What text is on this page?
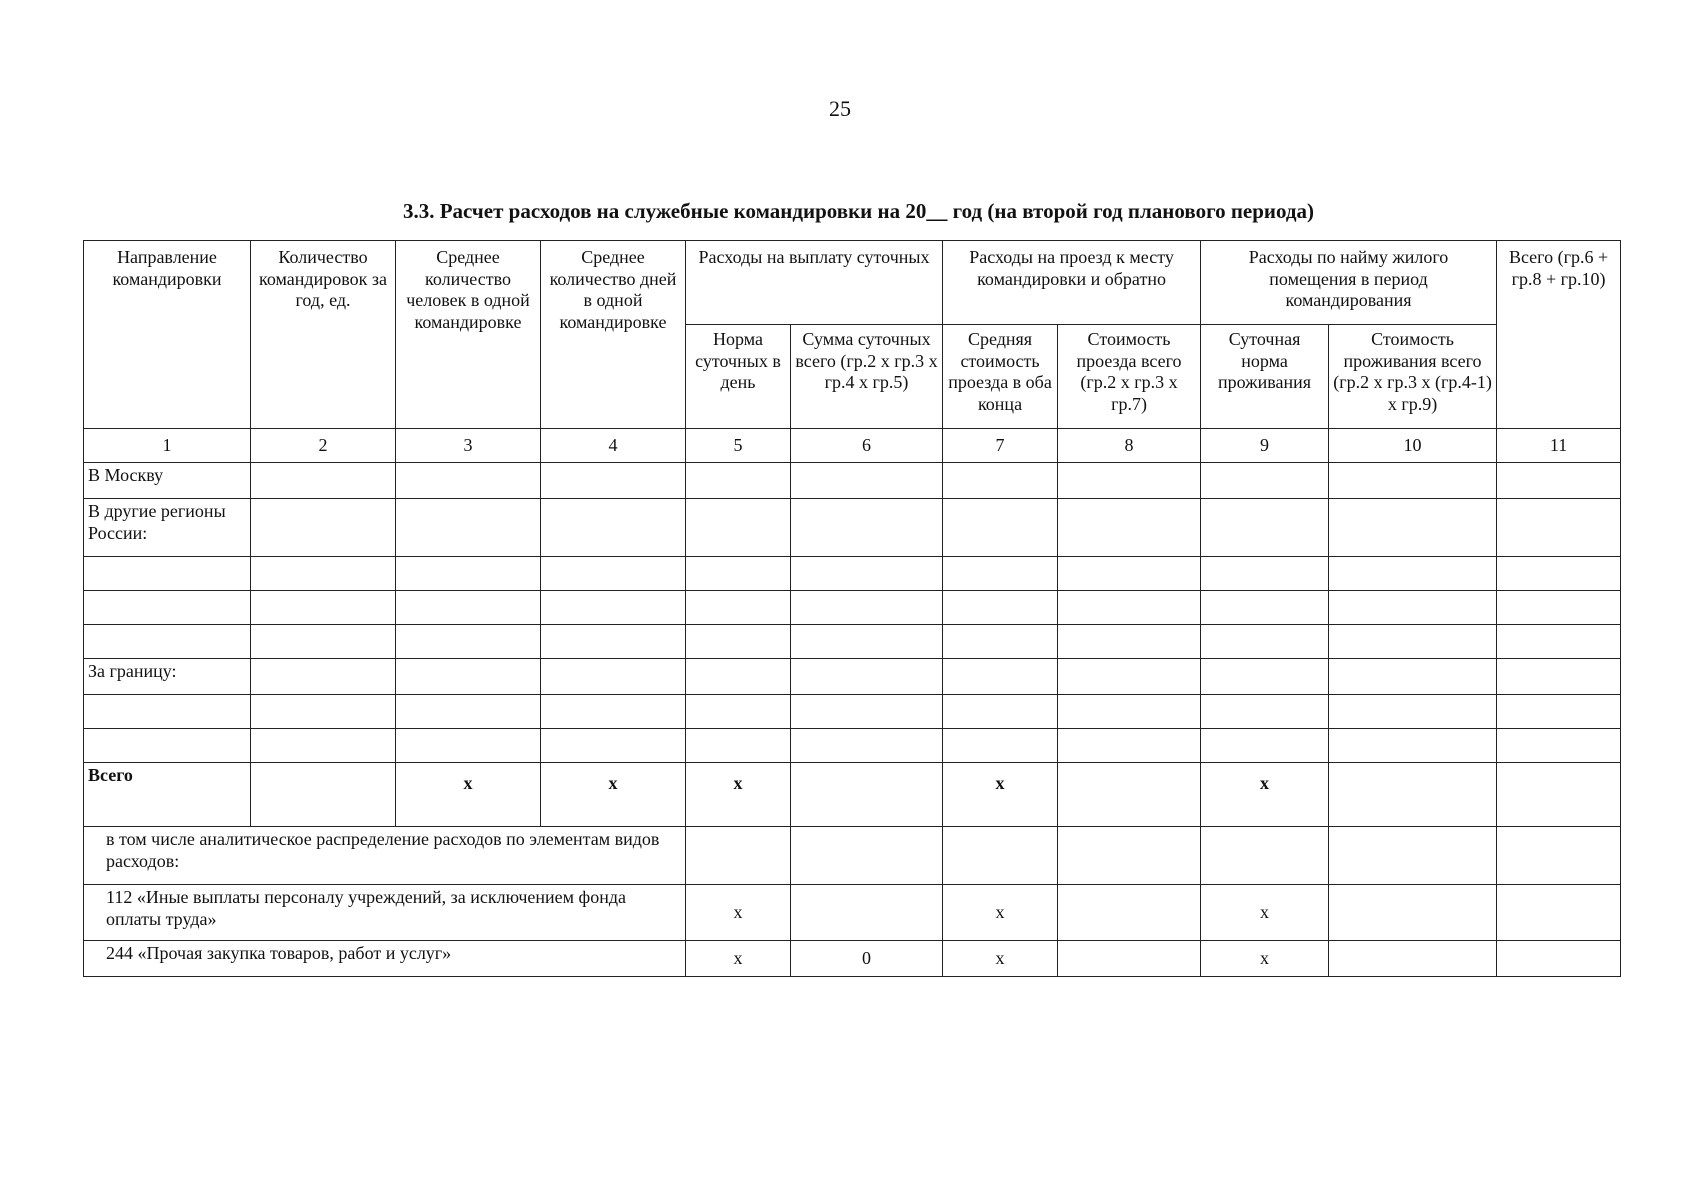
25
3.3. Расчет расходов на служебные командировки на 20__ год (на второй год планового периода)
Направление командировки	Количество командировок за год, ед.	Среднее количество человек в одной командировке	Среднее количество дней в одной командировке	Расходы на выплату суточных		Расходы на проезд к месту командировки и обратно		Расходы по найму жилого помещения в период командирования		Всего (гр.6 + гр.8 + гр.10)
				Норма суточных в день	Сумма суточных всего (гр.2 х гр.3 х гр.4 х гр.5)	Средняя стоимость проезда в оба конца	Стоимость проезда всего (гр.2 х гр.3 х гр.7)	Суточная норма проживания	Стоимость проживания всего (гр.2 х гр.3 х (гр.4-1) х гр.9)	
1	2	3	4	5	6	7	8	9	10	11
В Москву										
В другие регионы России:										

За границу:										

Всего		x	x	x		x		x		
в том числе аналитическое распределение расходов по элементам видов расходов:										
112 «Иные выплаты персоналу учреждений, за исключением фонда оплаты труда»				x		x		x		
244 «Прочая закупка товаров, работ и услуг»				x	0	x		x		
